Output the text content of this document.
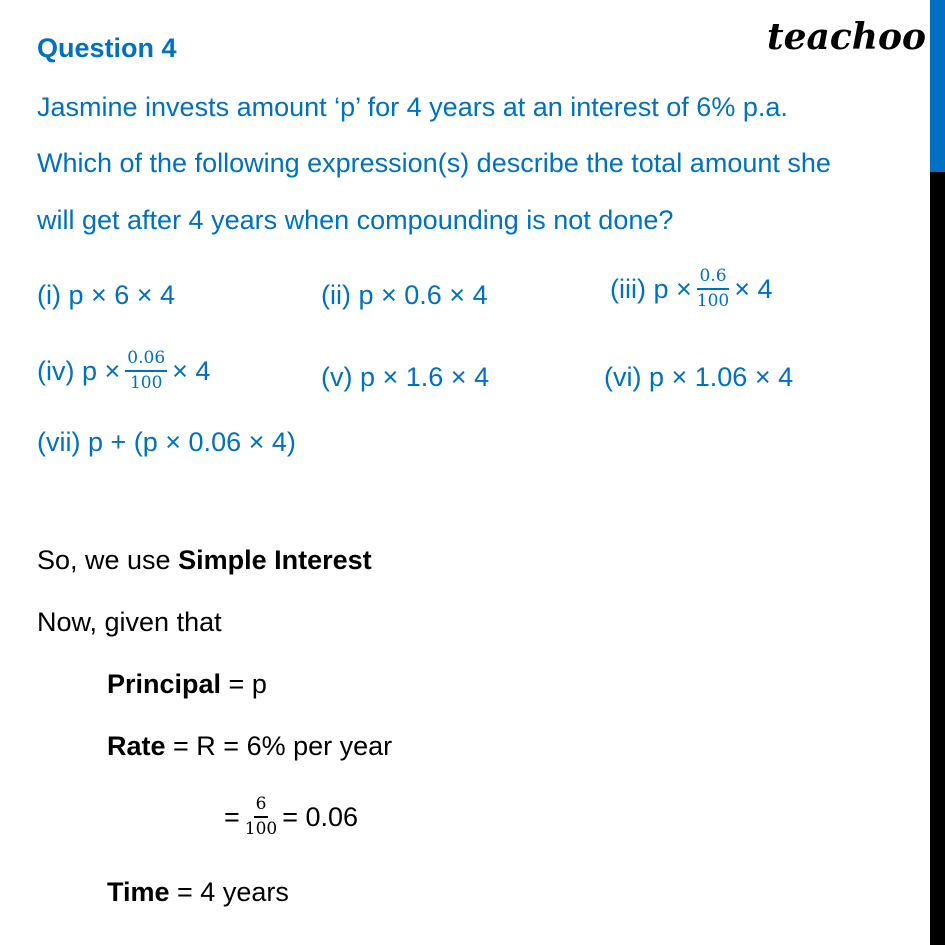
teachoo
Question 4
Jasmine invests amount ‘p’ for 4 years at an interest of 6% p.a.
Which of the following expression(s) describe the total amount she
will get after 4 years when compounding is not done?
(i) p × 6 × 4	(ii) p × 0.6 × 4	(iii) $p \times \frac{0.6}{100} \times 4$
(iv) $p \times \frac{0.06}{100} \times 4$	(v) p × 1.6 × 4	(vi) p × 1.06 × 4
(vii) p + (p × 0.06 × 4)
So, we use Simple Interest
Now, given that
Principal = p
Rate = R = 6% per year
= $\frac{6}{100} = 0.06$
Time = 4 years
